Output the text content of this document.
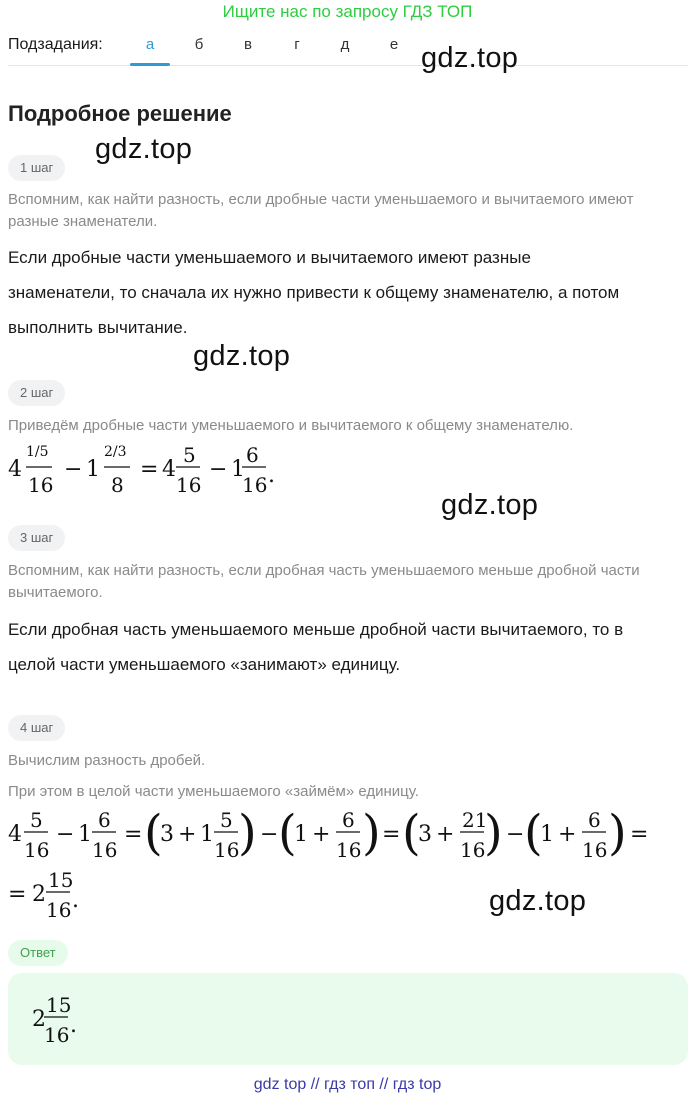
Ищите нас по запросу ГДЗ ТОП
Подзадания:	а	б	в	г	д	е gdz.top
gdz.top
gdz.top
gdz.top
gdz.top
Подробное решение
1 шаг
Вспомним, как найти разность, если дробные части уменьшаемого и вычитаемого имеют разные знаменатели.
Если дробные части уменьшаемого и вычитаемого имеют разные
знаменатели, то сначала их нужно привести к общему знаменателю, а потом
выполнить вычитание.
2 шаг
Приведём дробные части уменьшаемого и вычитаемого к общему знаменателю.
4
1/5
16
− 1
2/3
8
= 4
5
16
− 1
6
16 .
3 шаг
Вспомним, как найти разность, если дробная часть уменьшаемого меньше дробной части вычитаемого.
Если дробная часть уменьшаемого меньше дробной части вычитаемого, то в
целой части уменьшаемого «занимают» единицу.
4 шаг
Вычислим разность дробей.
При этом в целой части уменьшаемого «займём» единицу.
4
5
16
− 1
6
16
= (
3 + 1
5
16
) − (
1 +
6
16 ) = (
3 +
21
16
) − (
1 +
6
16 ) =
= 2
15
16 .
Ответ
2
15
16 .
gdz top // гдз топ // гдз top
